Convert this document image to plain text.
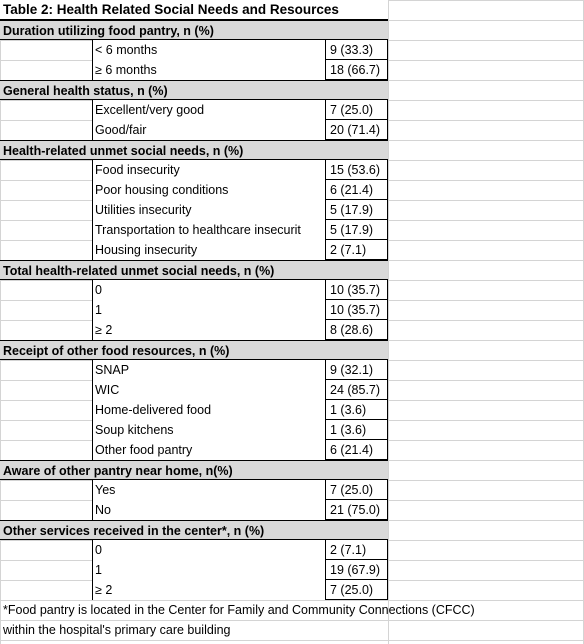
Table 2: Health Related Social Needs and Resources
Duration utilizing food pantry, n (%)
< 6 months	9 (33.3)
≥ 6 months	18 (66.7)
General health status, n (%)
Excellent/very good	7 (25.0)
Good/fair	20 (71.4)
Health-related unmet social needs, n (%)
Food insecurity	15 (53.6)
Poor housing conditions	6 (21.4)
Utilities insecurity	5 (17.9)
Transportation to healthcare insecurit	5 (17.9)
Housing insecurity	2 (7.1)
Total health-related unmet social needs, n (%)
0	10 (35.7)
1	10 (35.7)
≥ 2	8 (28.6)
Receipt of other food resources, n (%)
SNAP	9 (32.1)
WIC	24 (85.7)
Home-delivered food	1 (3.6)
Soup kitchens	1 (3.6)
Other food pantry	6 (21.4)
Aware of other pantry near home, n(%)
Yes	7 (25.0)
No	21 (75.0)
Other services received in the center*, n (%)
0	2 (7.1)
1	19 (67.9)
≥ 2	7 (25.0)
*Food pantry is located in the Center for Family and Community Connections (CFCC)
within the hospital's primary care building
